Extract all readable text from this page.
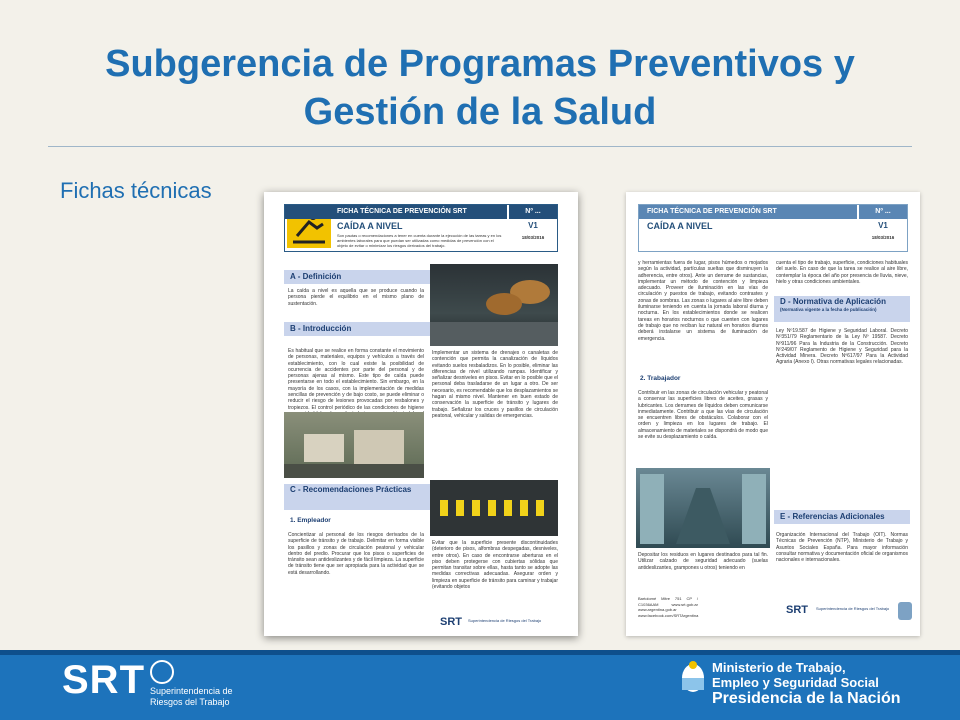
Subgerencia de Programas Preventivos y
Gestión de la Salud
Fichas técnicas
FICHA TÉCNICA DE PREVENCIÓN SRT	Nº ...
CAÍDA A NIVEL
Son pautas o recomendaciones a tener en cuenta durante la ejecución de las tareas y en los ambientes laborales para que puedan ser utilizadas como medidas de prevención con el objeto de evitar o minimizar los riesgos derivados del trabajo.
V1
18/03/2016
A - Definición
La caída a nivel es aquella que se produce cuando la persona pierde el equilibrio en el mismo plano de sustentación.
B - Introducción
Es habitual que se realice en forma constante el movimiento de personas, materiales, equipos y vehículos a través del establecimiento, con lo cual existe la posibilidad de ocurrencia de accidentes por parte del personal y de personas ajenas al mismo. Este tipo de caída puede presentarse en todo el establecimiento. Sin embargo, en la mayoría de los casos, con la implementación de medidas sencillas de prevención y de bajo costo, se puede eliminar o reducir el riesgo de lesiones provocadas por resbalones y tropiezos. El control periódico de las condiciones de higiene
Implementar un sistema de drenajes o canaletas de contención que permita la canalización de líquidos evitando suelos resbaladizos. En lo posible, eliminar las diferencias de nivel utilizando rampas. Identificar y señalizar desniveles en pisos. Evitar en lo posible que el personal deba trasladarse de un lugar a otro. De ser necesario, es recomendable que los desplazamientos se hagan al mismo nivel. Mantener en buen estado de conservación la superficie de tránsito y lugares de trabajo. Señalizar los cruces y pasillos de circulación peatonal, vehicular y salidas de emergencias.
C - Recomendaciones Prácticas
1. Empleador
Concientizar al personal de los riesgos derivados de la superficie de tránsito y de trabajo. Delimitar en forma visible los pasillos y zonas de circulación peatonal y vehicular dentro del predio. Procurar que los pisos o superficies de tránsito sean antideslizantes y de fácil limpieza. La superficie de tránsito tiene que ser apropiada para la actividad que se está desarrollando.
Evitar que la superficie presente discontinuidades (deterioro de pisos, alfombras despegadas, desniveles, entre otros). En caso de encontrarse aberturas en el piso deben protegerse con cubiertas sólidas que permitan transitar sobre ellas, hasta tanto se adopte las medidas correctivas adecuadas. Asegurar orden y limpieza en superficie de tránsito para caminar y trabajar (evitando objetos
SRT Superintendencia de Riesgos del Trabajo
FICHA TÉCNICA DE PREVENCIÓN SRT	Nº ...
CAÍDA A NIVEL	V1
18/03/2016
y herramientas fuera de lugar, pisos húmedos o mojados según la actividad, partículas sueltas que disminuyen la adherencia, entre otros). Ante un derrame de sustancias, implementar un método de contención y limpieza adecuado. Proveer de iluminación en las vías de circulación y puestos de trabajo, evitando contrastes y zonas de sombras. Las zonas o lugares al aire libre deben iluminarse teniendo en cuenta la jornada laboral diurna y nocturna. En los establecimientos donde se realicen tareas en horarios nocturnos o que cuenten con lugares de trabajo que no reciban luz natural en horarios diurnos deberá instalarse un sistema de iluminación de emergencia.
2. Trabajador
Contribuir en las zonas de circulación vehicular y peatonal a conservar las superficies libres de aceites, grasas y lubricantes. Los derrames de líquidos deben comunicarse inmediatamente. Contribuir a que las vías de circulación se encuentren libres de obstáculos. Colaborar con el orden y limpieza en los lugares de trabajo. El almacenamiento de materiales se dispondrá de modo que se evite su desplazamiento o caída.
Depositar los residuos en lugares destinados para tal fin. Utilizar calzado de seguridad adecuado (suelas antideslizantes, grampones u otros) teniendo en
Bartolomé Mitre 751 CP / C1036AAM www.srt.gob.ar www.argentina.gob.ar www.facebook.com/SRTArgentina
cuenta el tipo de trabajo, superficie, condiciones habituales del suelo. En caso de que la tarea se realice al aire libre, contemplar la época del año por presencia de lluvia, nieve, hielo y otras condiciones ambientales.
D - Normativa de Aplicación
(Normativa vigente a la fecha de publicación)
Ley Nº19.587 de Higiene y Seguridad Laboral. Decreto Nº351/79 Reglamentario de la Ley Nº 19587. Decreto Nº911/96 Para la Industria de la Construcción. Decreto Nº249/07 Reglamento de Higiene y Seguridad para la Actividad Minera. Decreto Nº617/97 Para la Actividad Agraria (Anexo I). Otras normativas legales relacionadas.
E - Referencias Adicionales
Organización Internacional del Trabajo (OIT). Normas Técnicas de Prevención (NTP), Ministerio de Trabajo y Asuntos Sociales España. Para mayor información consultar normativa y documentación oficial de organismos nacionales e internacionales.
SRT Superintendencia de Riesgos del Trabajo
SRT Superintendencia de
Riesgos del Trabajo
Ministerio de Trabajo,
Empleo y Seguridad Social
Presidencia de la Nación
